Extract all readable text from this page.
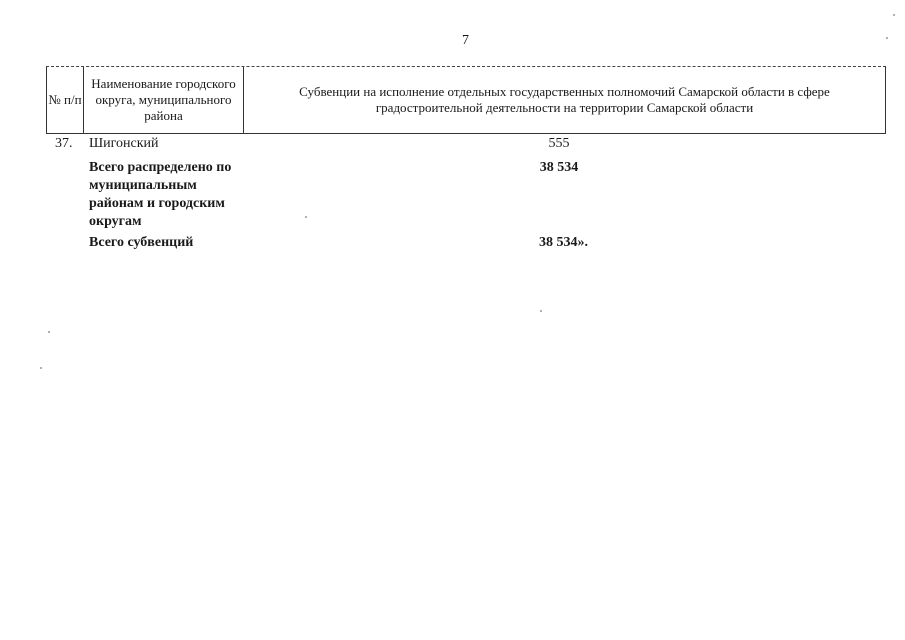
7
№ п/п
Наименование городского округа, муниципального района
Субвенции на исполнение отдельных государственных полномочий Самарской области в сфере градостроительной деятельности на территории Самарской области
37. Шигонский	555
Всего распределено по муниципальным районам и городским округам
38 534
Всего субвенций	38 534».
